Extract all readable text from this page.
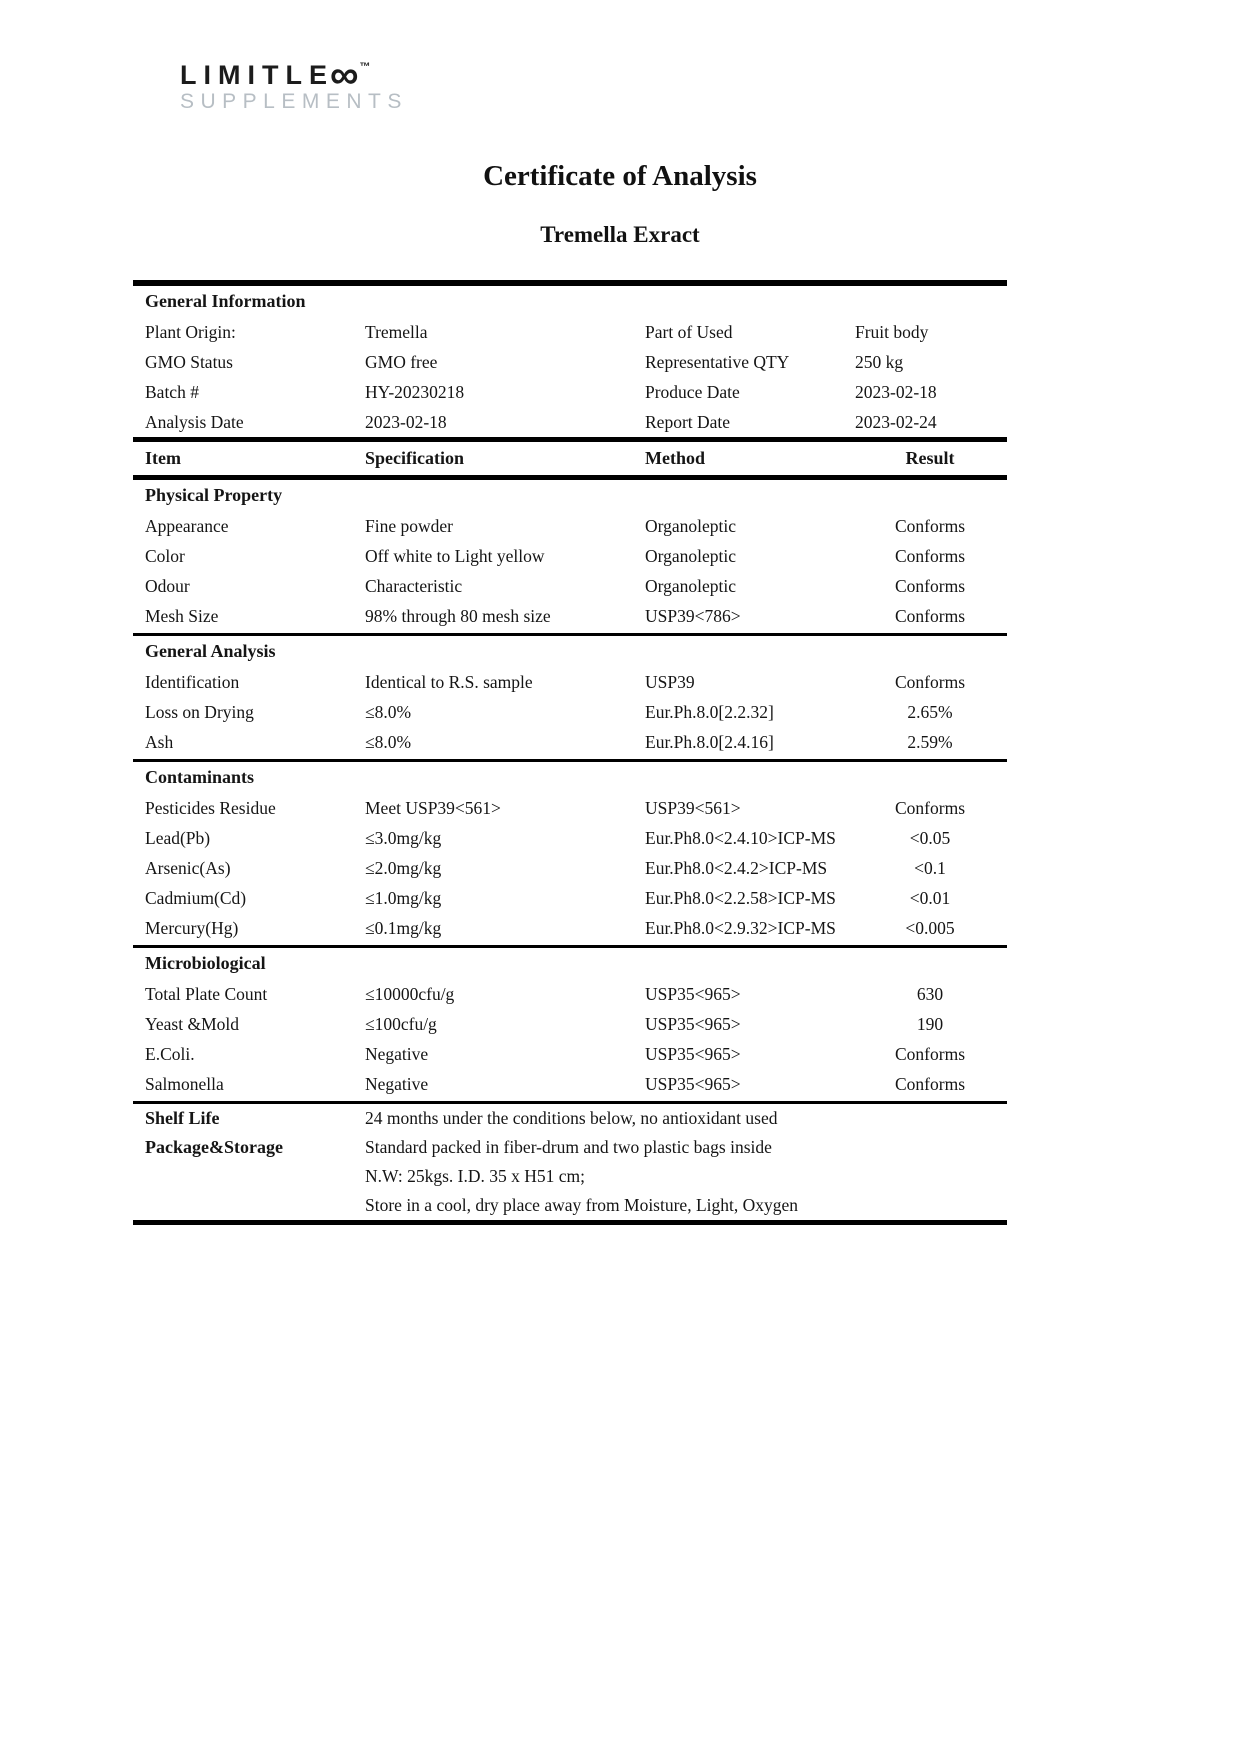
LIMITLE∞™
SUPPLEMENTS
Certificate of Analysis
Tremella Exract
General Information
Plant Origin:	Tremella	Part of Used	Fruit body
GMO Status	GMO free	Representative QTY	250 kg
Batch #	HY-20230218	Produce Date	2023-02-18
Analysis Date	2023-02-18	Report Date	2023-02-24
Item	Specification	Method	Result
Physical Property
Appearance	Fine powder	Organoleptic	Conforms
Color	Off white to Light yellow	Organoleptic	Conforms
Odour	Characteristic	Organoleptic	Conforms
Mesh Size	98% through 80 mesh size	USP39<786>	Conforms
General Analysis
Identification	Identical to R.S. sample	USP39	Conforms
Loss on Drying	≤8.0%	Eur.Ph.8.0[2.2.32]	2.65%
Ash	≤8.0%	Eur.Ph.8.0[2.4.16]	2.59%
Contaminants
Pesticides Residue	Meet USP39<561>	USP39<561>	Conforms
Lead(Pb)	≤3.0mg/kg	Eur.Ph8.0<2.4.10>ICP-MS	<0.05
Arsenic(As)	≤2.0mg/kg	Eur.Ph8.0<2.4.2>ICP-MS	<0.1
Cadmium(Cd)	≤1.0mg/kg	Eur.Ph8.0<2.2.58>ICP-MS	<0.01
Mercury(Hg)	≤0.1mg/kg	Eur.Ph8.0<2.9.32>ICP-MS	<0.005
Microbiological
Total Plate Count	≤10000cfu/g	USP35<965>	630
Yeast &Mold	≤100cfu/g	USP35<965>	190
E.Coli.	Negative	USP35<965>	Conforms
Salmonella	Negative	USP35<965>	Conforms
Shelf Life	24 months under the conditions below, no antioxidant used
Package&Storage	Standard packed in fiber-drum and two plastic bags inside
N.W: 25kgs. I.D. 35 x H51 cm;
Store in a cool, dry place away from Moisture, Light, Oxygen
